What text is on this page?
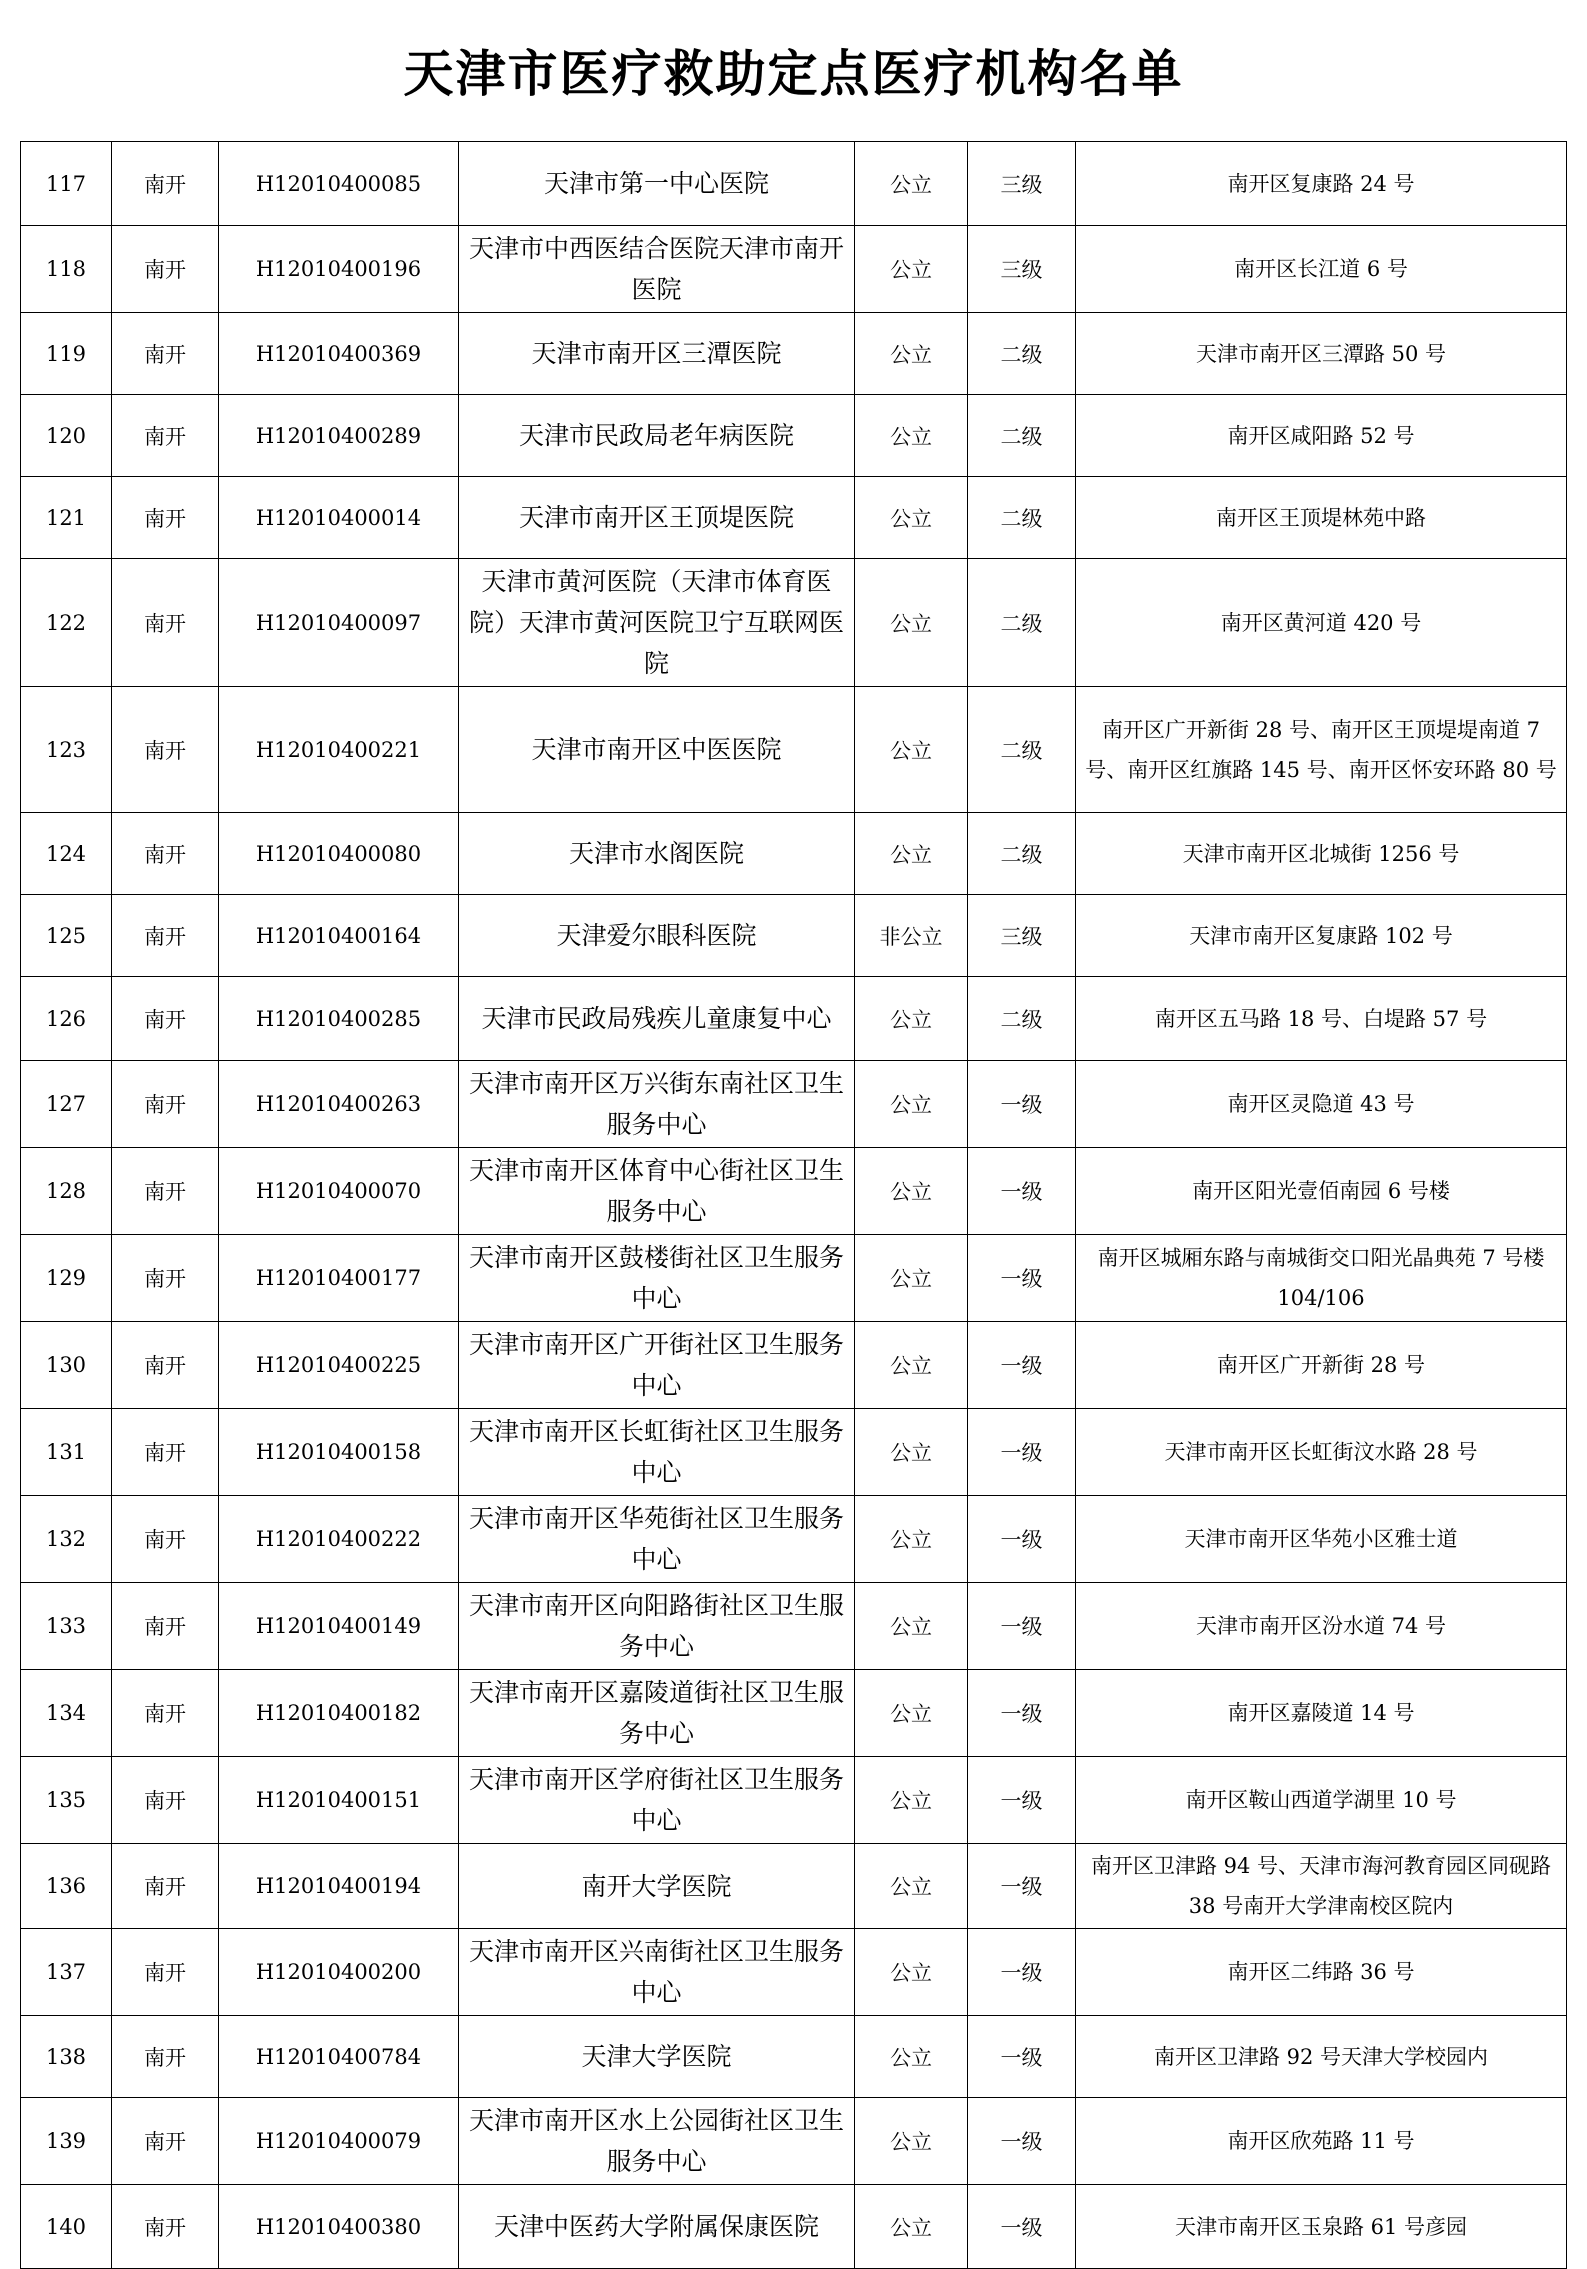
天津市医疗救助定点医疗机构名单
117	南开	H12010400085	天津市第一中心医院	公立	三级	南开区复康路 24 号
118	南开	H12010400196	天津市中西医结合医院天津市南开医院	公立	三级	南开区长江道 6 号
119	南开	H12010400369	天津市南开区三潭医院	公立	二级	天津市南开区三潭路 50 号
120	南开	H12010400289	天津市民政局老年病医院	公立	二级	南开区咸阳路 52 号
121	南开	H12010400014	天津市南开区王顶堤医院	公立	二级	南开区王顶堤林苑中路
122	南开	H12010400097	天津市黄河医院（天津市体育医院）天津市黄河医院卫宁互联网医院	公立	二级	南开区黄河道 420 号
123	南开	H12010400221	天津市南开区中医医院	公立	二级	南开区广开新街 28 号、南开区王顶堤堤南道 7 号、南开区红旗路 145 号、南开区怀安环路 80 号
124	南开	H12010400080	天津市水阁医院	公立	二级	天津市南开区北城街 1256 号
125	南开	H12010400164	天津爱尔眼科医院	非公立	三级	天津市南开区复康路 102 号
126	南开	H12010400285	天津市民政局残疾儿童康复中心	公立	二级	南开区五马路 18 号、白堤路 57 号
127	南开	H12010400263	天津市南开区万兴街东南社区卫生服务中心	公立	一级	南开区灵隐道 43 号
128	南开	H12010400070	天津市南开区体育中心街社区卫生服务中心	公立	一级	南开区阳光壹佰南园 6 号楼
129	南开	H12010400177	天津市南开区鼓楼街社区卫生服务中心	公立	一级	南开区城厢东路与南城街交口阳光晶典苑 7 号楼 104/106
130	南开	H12010400225	天津市南开区广开街社区卫生服务中心	公立	一级	南开区广开新街 28 号
131	南开	H12010400158	天津市南开区长虹街社区卫生服务中心	公立	一级	天津市南开区长虹街汶水路 28 号
132	南开	H12010400222	天津市南开区华苑街社区卫生服务中心	公立	一级	天津市南开区华苑小区雅士道
133	南开	H12010400149	天津市南开区向阳路街社区卫生服务中心	公立	一级	天津市南开区汾水道 74 号
134	南开	H12010400182	天津市南开区嘉陵道街社区卫生服务中心	公立	一级	南开区嘉陵道 14 号
135	南开	H12010400151	天津市南开区学府街社区卫生服务中心	公立	一级	南开区鞍山西道学湖里 10 号
136	南开	H12010400194	南开大学医院	公立	一级	南开区卫津路 94 号、天津市海河教育园区同砚路 38 号南开大学津南校区院内
137	南开	H12010400200	天津市南开区兴南街社区卫生服务中心	公立	一级	南开区二纬路 36 号
138	南开	H12010400784	天津大学医院	公立	一级	南开区卫津路 92 号天津大学校园内
139	南开	H12010400079	天津市南开区水上公园街社区卫生服务中心	公立	一级	南开区欣苑路 11 号
140	南开	H12010400380	天津中医药大学附属保康医院	公立	一级	天津市南开区玉泉路 61 号彦园
